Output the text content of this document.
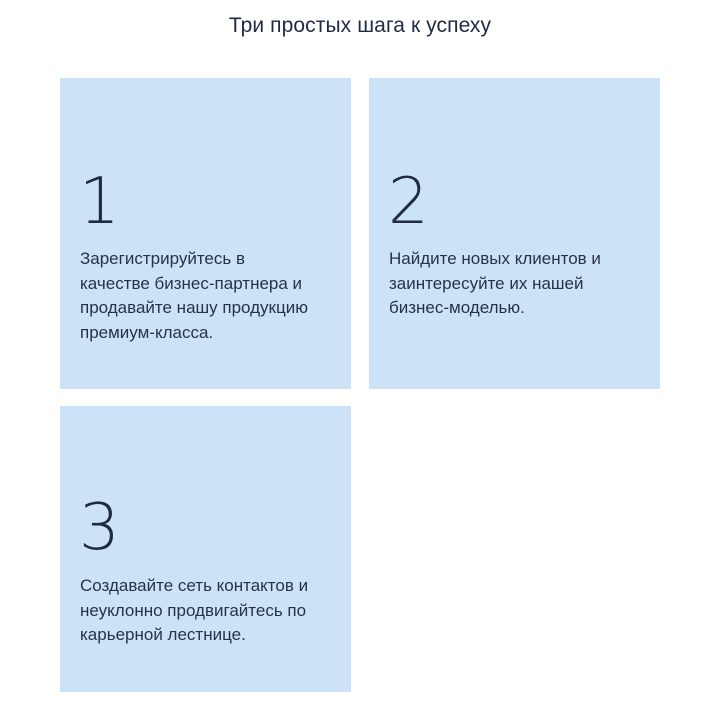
Три простых шага к успеху
1
Зарегистрируйтесь в качестве бизнес-партнера и продавайте нашу продукцию премиум-класса.
2
Найдите новых клиентов и заинтересуйте их нашей бизнес-моделью.
3
Создавайте сеть контактов и неуклонно продвигайтесь по карьерной лестнице.
